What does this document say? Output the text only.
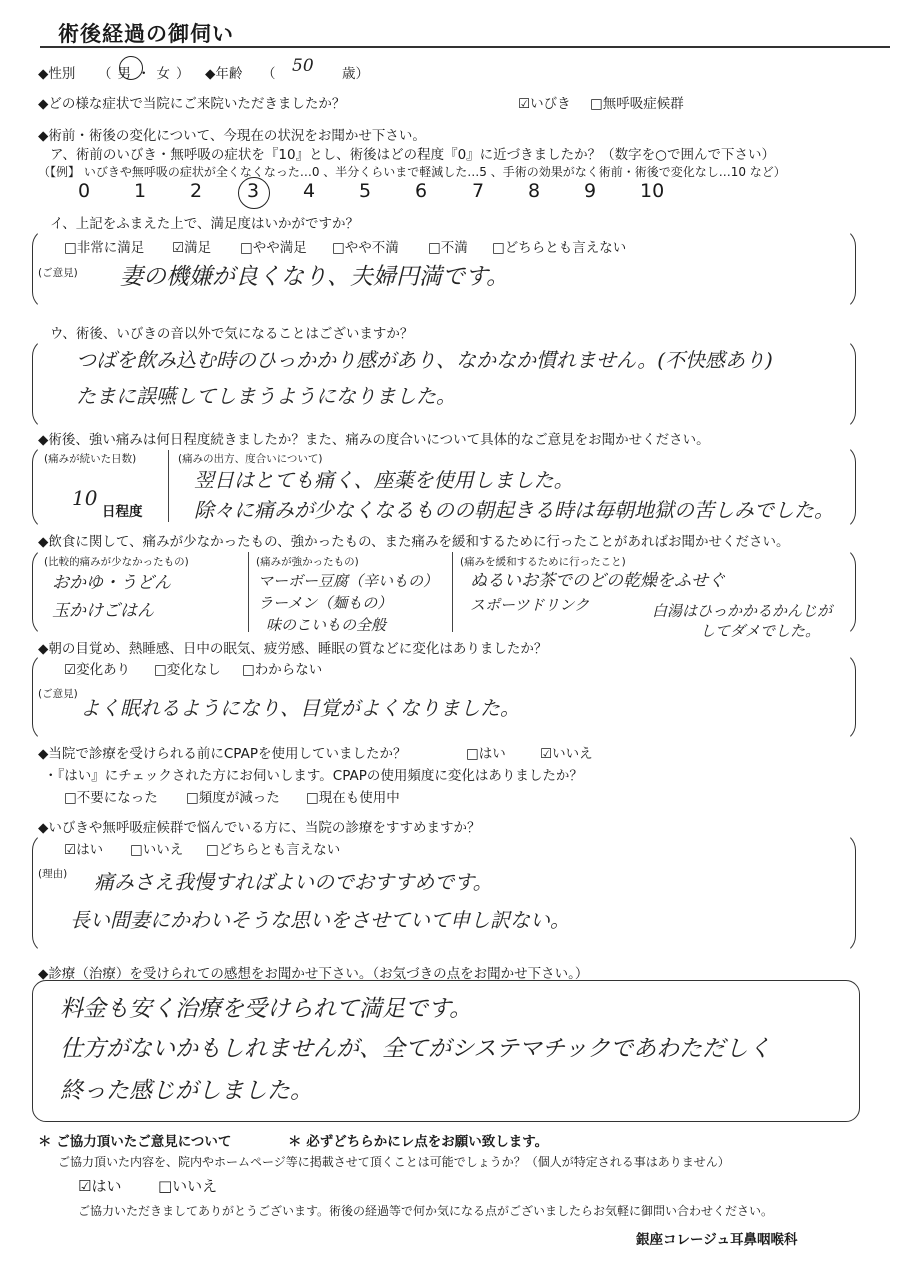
術後経過の御伺い
◆性別 （男・女） ◆年齢 （ 50 歳）
◆どの様な症状で当院にご来院いただきましたか？	☑いびき □無呼吸症候群
◆術前・術後の変化について、今現在の状況をお聞かせ下さい。
ア、術前のいびき・無呼吸の症状を『10』とし、術後はどの程度『0』に近づきましたか？（数字を○で囲んで下さい）
（【例】 いびきや無呼吸の症状が全くなくなった…0 、半分くらいまで軽減した…5 、手術の効果がなく術前・術後で変化なし…10 など）
0 1 2 3 4 5 6 7 8 9 10
イ、上記をふまえた上で、満足度はいかがですか？
□非常に満足 ☑満足 □やや満足 □やや不満 □不満 □どちらとも言えない
(ご意見) 妻の機嫌が良くなり、夫婦円満です。
ウ、術後、いびきの音以外で気になることはございますか？
つばを飲み込む時のひっかかり感があり、なかなか慣れません。(不快感あり)
たまに誤嚥してしまうようになりました。
◆術後、強い痛みは何日程度続きましたか？また、痛みの度合いについて具体的なご意見をお聞かせください。
(痛みが続いた日数)
10
日程度
(痛みの出方、度合いについて)
翌日はとても痛く、座薬を使用しました。
除々に痛みが少なくなるものの朝起きる時は毎朝地獄の苦しみでした。
◆飲食に関して、痛みが少なかったもの、強かったもの、また痛みを緩和するために行ったことがあればお聞かせください。
(比較的痛みが少なかったもの)
おかゆ・うどん
玉かけごはん
(痛みが強かったもの)
マーボー豆腐（辛いもの）
ラーメン（麺もの）
味のこいもの全般
(痛みを緩和するために行ったこと)
ぬるいお茶でのどの乾燥をふせぐ
スポーツドリンク	白湯はひっかかるかんじが
してダメでした。
◆朝の目覚め、熱睡感、日中の眠気、疲労感、睡眠の質などに変化はありましたか？
☑変化あり □変化なし □わからない
(ご意見)
よく眠れるようになり、目覚がよくなりました。
◆当院で診療を受けられる前にCPAPを使用していましたか？	□はい	☑いいえ
・『はい』にチェックされた方にお伺いします。CPAPの使用頻度に変化はありましたか？
□不要になった □頻度が減った □現在も使用中
◆いびきや無呼吸症候群で悩んでいる方に、当院の診療をすすめますか？
☑はい □いいえ □どちらとも言えない
(理由) 痛みさえ我慢すればよいのでおすすめです。
長い間妻にかわいそうな思いをさせていて申し訳ない。
◆診療（治療）を受けられての感想をお聞かせ下さい。（お気づきの点をお聞かせ下さい。）
料金も安く治療を受けられて満足です。
仕方がないかもしれませんが、全てがシステマチックであわただしく
終った感じがしました。
＊ ご協力頂いたご意見について	＊ 必ずどちらかにレ点をお願い致します。
ご協力頂いた内容を、院内やホームページ等に掲載させて頂くことは可能でしょうか？（個人が特定される事はありません）
☑はい □いいえ
ご協力いただきましてありがとうございます。術後の経過等で何か気になる点がございましたらお気軽に御問い合わせください。
銀座コレージュ耳鼻咽喉科
